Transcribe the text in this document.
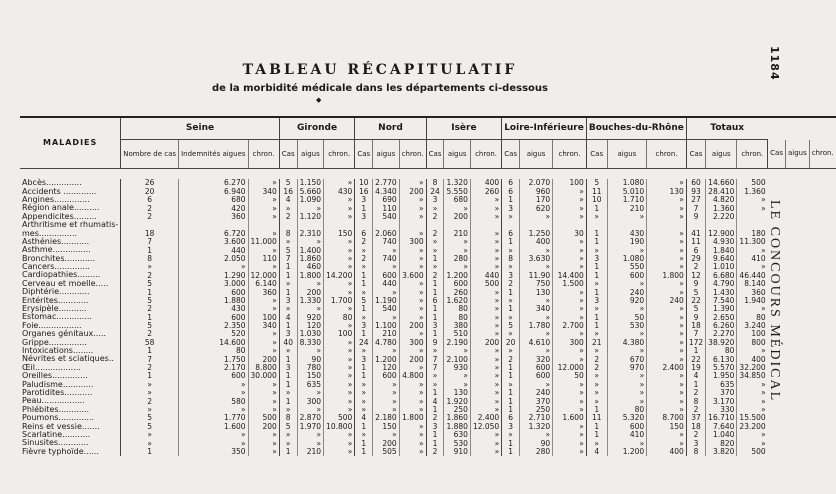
1184
LE CONCOURS MÉDICAL
TABLEAU RÉCAPITULATIF
de la morbidité médicale dans les départements ci-dessous
◆
MALADIES	Seine			Gironde			Nord			Isère			Loire-Inférieure			Bouches-du-Rhône			Totaux					
	Nombre de cas	Indemnités aigues	chron.	Cas	aigus	chron.	Cas	aigus	chron.	Cas	aigus	chron.	Cas	aigus	chron.	Cas	aigus	chron.	Cas	aigus	chron.	Cas	aigus	chron.

Abcès..............	26	6.270	»	5	1.150	»	10	2.770	»	8	1.320	400	6	2.070	100	5	1.080	»	60	14.660	500			
Accidents .............	20	6.940	340	16	5.660	430	16	4.340	200	24	5.550	260	6	960	»	11	5.010	130	93	28.410	1.360			
Angines..............	6	680	»	4	1.090	»	3	690	»	3	680	»	1	170	»	10	1.710	»	27	4.820	»			
Région anale..........	2	420	»	»	»	»	1	110	»	»	»	»	3	620	»	1	210	»	7	1.360	»			
Appendicites.........	2	360	»	2	1.120	»	3	540	»	2	200	»	»	»	»	»	»	»	9	2.220				
Arthritisme et rhumatis-																								
mes...............	18	6.720	»	8	2.310	150	6	2.060	»	2	210	»	6	1.250	30	1	430	»	41	12.900	180			
Asthénies...........	7	3.600	11.000	»	»	»	2	740	300	»	»	»	1	400	»	1	190	»	11	4.930	11.300			
Asthme...............	1	440	»	5	1.400	»	»	»	»	»	»	»	»	»	»	»	»	»	6	1.840	»			
Bronchites............	8	2.050	110	7	1.860	»	2	740	»	1	280	»	8	3.630	»	3	1.080	»	29	9.640	410			
Cancers..............	»	»	»	1	460	»	»	»	»	»	»	»	»	»	»	1	550	»	2	1.010	»			
Cardiopathies.........	2	1.290	12.000	1	1.800	14.200	1	600	3.600	2	1.200	440	3	11.90	14.400	1	600	1.800	12	6.680	46.440			
Cerveau et moelle.....	5	3.000	6.140	»	»	»	1	440	»	1	600	500	2	750	1.500	»	»	»	9	4.790	8.140			
Diphtérie............	1	600	360	1	200	»	»	»	»	1	260	»	1	130	»	1	240	»	5	1.430	360			
Entérites............	5	1.880	»	3	1.330	1.700	5	1.190	»	6	1.620	»	»	»	»	3	920	240	22	7.540	1.940			
Erysipèle...........	2	430	»	»	»	»	1	540	»	1	80	»	1	340	»	»	»	»	5	1.390	»			
Estomac..............	1	600	100	4	920	80	»	»	»	1	80	»	»	»	»	1	50	»	9	2.650	80			
Foie.................	5	2.350	340	1	120	»	3	1.100	200	3	380	»	5	1.780	2.700	1	530	»	18	6.260	3.240			
Organes génitaux.....	2	520	»	3	1.030	100	1	210	»	1	510	»	»	»	»	»	»	»	7	2.270	100			
Grippe...............	58	14.600	»	40	8.330	»	24	4.780	300	9	2.190	200	20	4.610	300	21	4.380	»	172	38.920	800			
Intoxications........	1	80	»	»	»	»	»	»	»	»	»	»	»	»	»	»	»	»	1	80	»			
Névrites et sciatiques..	7	1.750	200	1	90	»	3	1.200	200	7	2.100	»	2	320	»	2	670	»	22	6.130	400			
Œil..................	2	2.170	8.800	3	780	»	1	120	»	7	930	»	1	600	12.000	2	970	2.400	19	5.570	32.200			
Oreilles..............	1	600	30.000	1	150	»	1	600	4.800	»	»	»	1	600	50	»	»	»	4	1.950	34.850			
Paludisme............	»	»	»	1	635	»	»	»	»	»	»	»	»	»	»	»	»	»	1	635	»			
Parotidites...........	»	»	»	»	»	»	»	»	»	1	130	»	1	240	»	»	»	»	2	370	»			
Peau.................	2	580	»	1	300	»	»	»	»	4	1.920	»	1	370	»	»	»	»	8	3.170	»			
Phlébites............	»	»	»	»	»	»	»	»	»	1	250	»	1	250	»	1	80	»	2	330	»			
Poumons..............	5	1.770	500	8	2.870	500	4	2.180	1.800	2	1.860	2.400	6	2.710	1.600	11	5.320	8.700	37	16.710	15.500			
Reins et vessie.......	5	1.600	200	5	1.970	10.800	1	150	»	3	1.880	12.050	3	1.320	»	1	600	150	18	7.640	23.200			
Scarlatine...........	»	»	»	»	»	»	»	»	»	1	630	»	»	»	»	1	410	»	2	1.040	»			
Sinusites............	»	»	»	»	»	»	1	200	»	1	530	»	1	90	»	»	»	»	3	820	»			
Fièvre typhoïde......	1	350	»	1	210	»	1	505	»	2	910	»	1	280	»	4	1.200	400	8	3.820	500			
